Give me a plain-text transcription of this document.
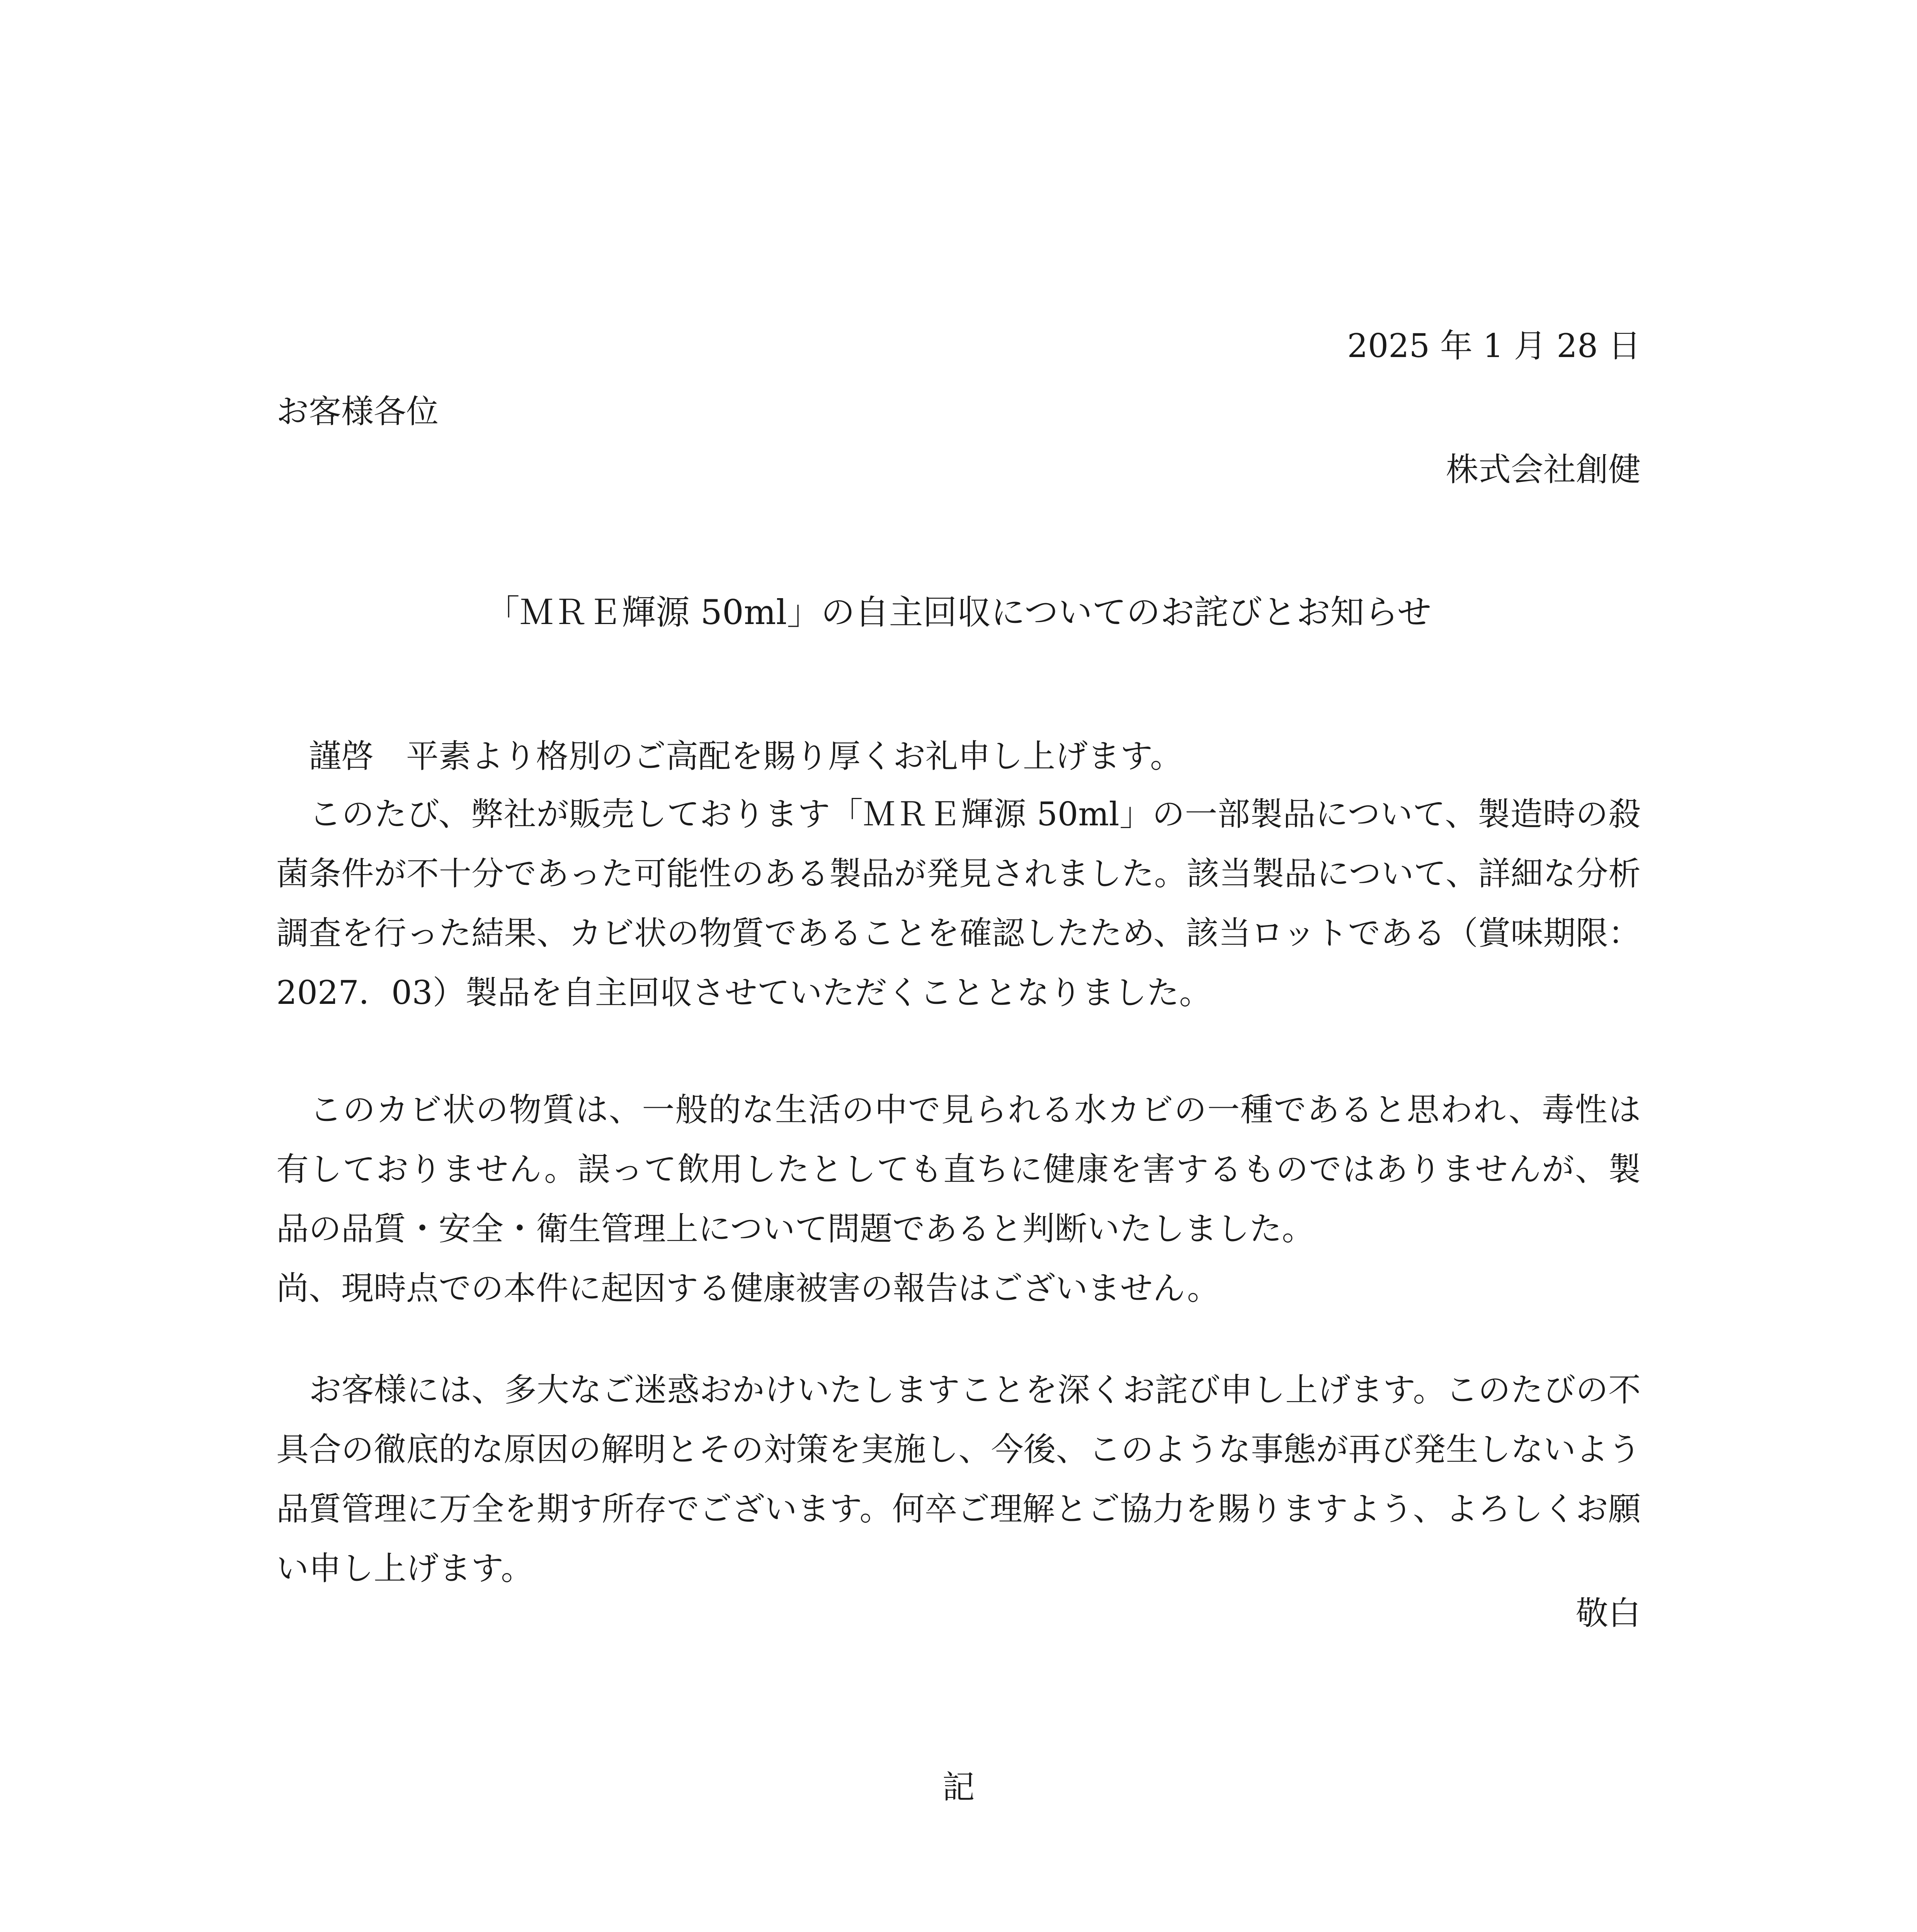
2025 年 1 月 28 日
お客様各位
株式会社創健
「ＭＲＥ輝源 50ml」の自主回収についてのお詫びとお知らせ

謹啓　平素より格別のご高配を賜り厚くお礼申し上げます。

　このたび、弊社が販売しております「ＭＲＥ輝源 50ml」の一部製品について、製造時の殺菌条件が不十分であった可能性のある製品が発見されました。該当製品について、詳細な分析調査を行った結果、カビ状の物質であることを確認したため、該当ロットである（賞味期限：2027．03）製品を自主回収させていただくこととなりました。

　このカビ状の物質は、一般的な生活の中で見られる水カビの一種であると思われ、毒性は有しておりません。誤って飲用したとしても直ちに健康を害するものではありませんが、製品の品質・安全・衛生管理上について問題であると判断いたしました。

尚、現時点での本件に起因する健康被害の報告はございません。

　お客様には、多大なご迷惑おかけいたしますことを深くお詫び申し上げます。このたびの不具合の徹底的な原因の解明とその対策を実施し、今後、このような事態が再び発生しないよう品質管理に万全を期す所存でございます。何卒ご理解とご協力を賜りますよう、よろしくお願い申し上げます。

敬白
記
